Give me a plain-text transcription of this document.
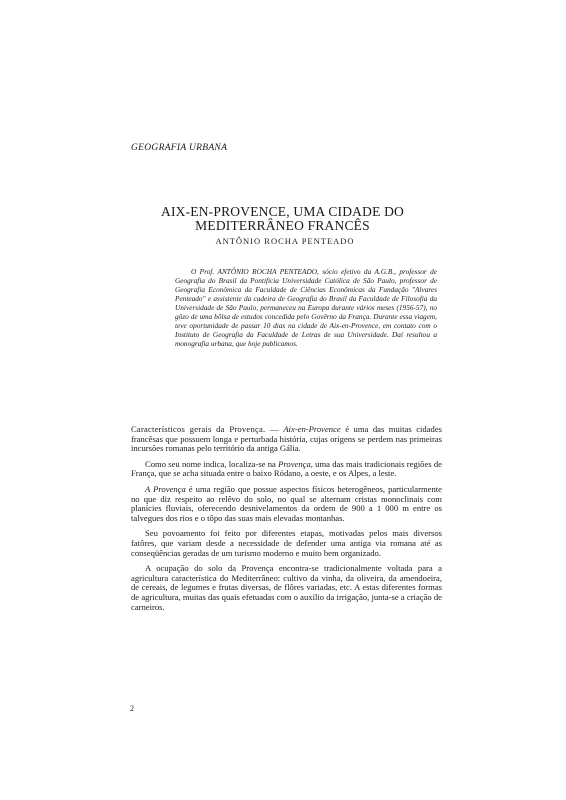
GEOGRAFIA URBANA
AIX-EN-PROVENCE, UMA CIDADE DO
MEDITERRÂNEO FRANCÊS
ANTÔNIO ROCHA PENTEADO

O Prof. ANTÔNIO ROCHA PENTEADO, sócio efetivo da A.G.B., professor de Geografia do Brasil da Pontifícia Universidade Católica de São Paulo, professor de Geografia Econômica da Faculdade de Ciências Econômicas da Fundação "Alvares Penteado" e assistente da cadeira de Geografia do Brasil da Faculdade de Filosofia da Universidade de São Paulo, permaneceu na Europa durante vários meses (1956-57), no gôzo de uma bôlsa de estudos concedida pelo Govêrno da França. Durante essa viagem, teve oportunidade de passar 10 dias na cidade de Aix-en-Provence, em contato com o Instituto de Geografia da Faculdade de Letras de sua Universidade. Daí resultou a monografia urbana, que hoje publicamos.

Característicos gerais da Provença. — Aix-en-Provence é uma das muitas cidades francêsas que possuem longa e perturbada história, cujas origens se perdem nas primeiras incursões romanas pelo território da antiga Gália.

Como seu nome indica, localiza-se na Provença, uma das mais tradicionais regiões de França, que se acha situada entre o baixo Ródano, a oeste, e os Alpes, a leste.

A Provença é uma região que possue aspectos físicos heterogêneos, particularmente no que diz respeito ao relêvo do solo, no qual se alternam cristas monoclinais com planícies fluviais, oferecendo desnivelamentos da ordem de 900 a 1 000 m entre os talvegues dos rios e o tôpo das suas mais elevadas montanhas.

Seu povoamento foi feito por diferentes etapas, motivadas pelos mais diversos fatôres, que variam desde a necessidade de defender uma antiga via romana até as conseqüências geradas de um turismo moderno e muito bem organizado.

A ocupação do solo da Provença encontra-se tradicionalmente voltada para a agricultura característica do Mediterrâneo: cultivo da vinha, da oliveira, da amendoeira, de cereais, de legumes e frutas diversas, de flôres variadas, etc. A estas diferentes formas de agricultura, muitas das quais efetuadas com o auxílio da irrigação, junta-se a criação de carneiros.

2
